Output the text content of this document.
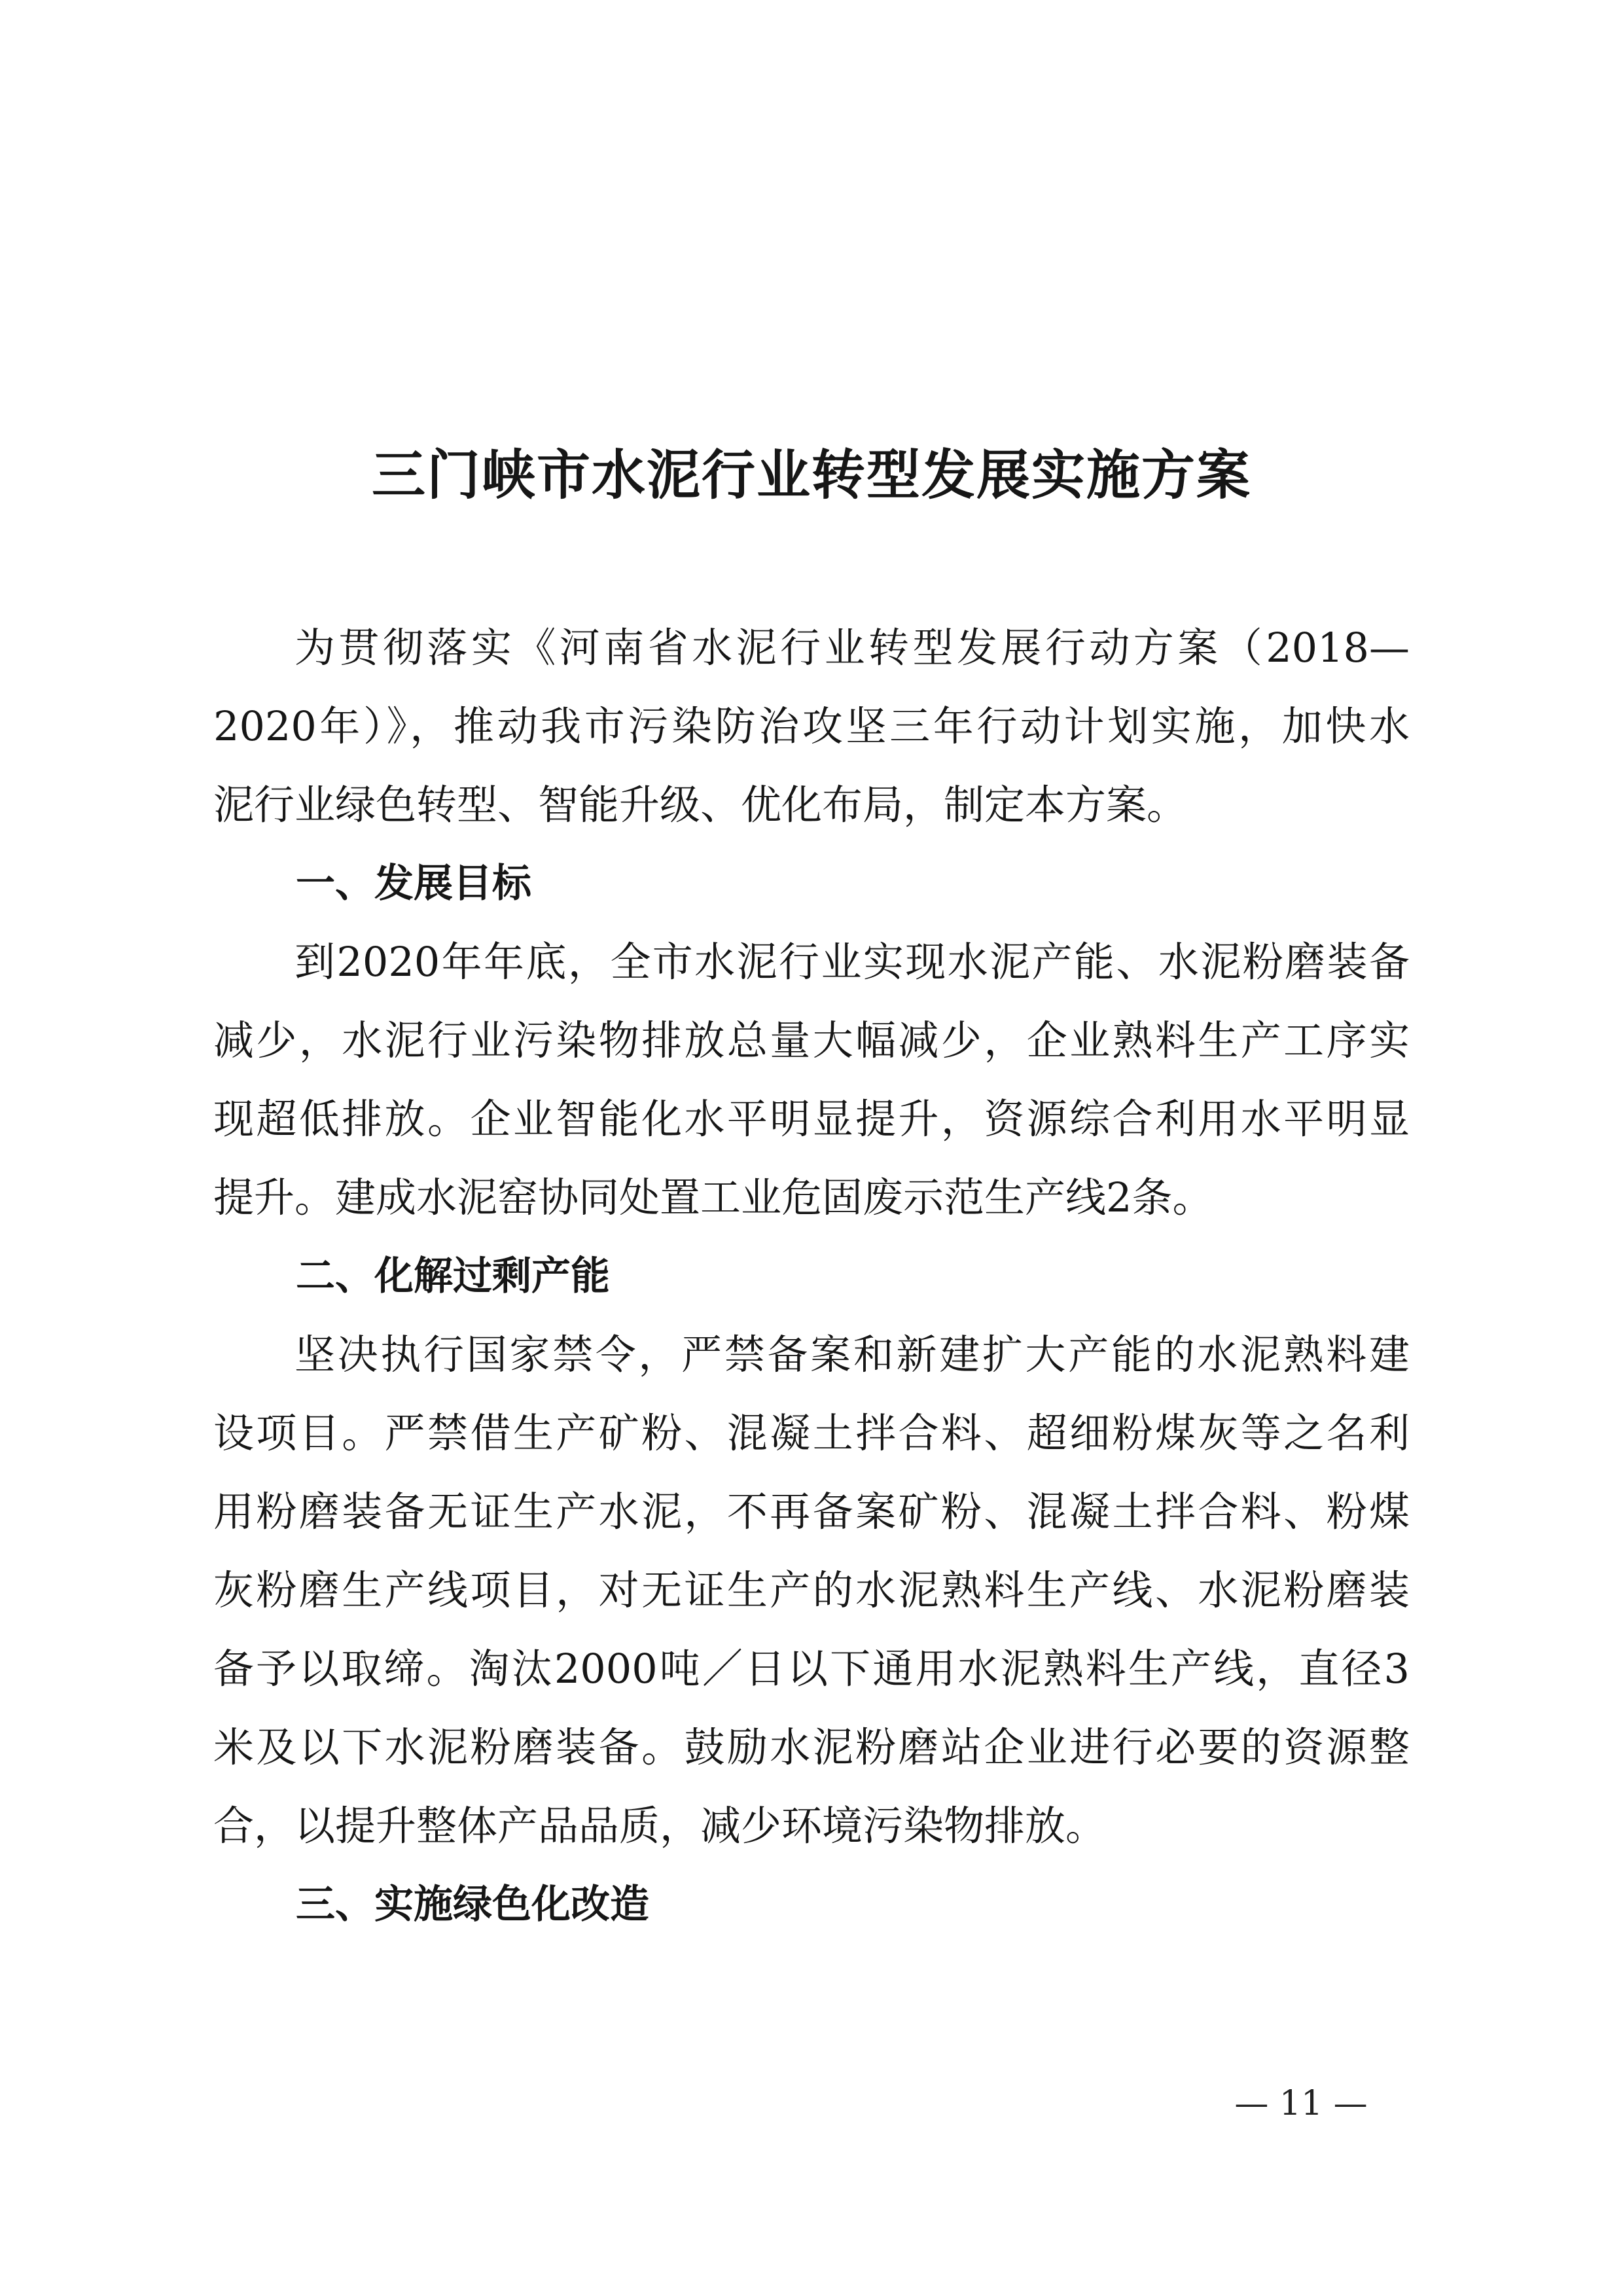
三门峡市水泥行业转型发展实施方案
为贯彻落实《河南省水泥行业转型发展行动方案（2018—
2020年）》，推动我市污染防治攻坚三年行动计划实施，加快水
泥行业绿色转型、智能升级、优化布局，制定本方案。
一、发展目标
到2020年年底，全市水泥行业实现水泥产能、水泥粉磨装备
减少，水泥行业污染物排放总量大幅减少，企业熟料生产工序实
现超低排放。企业智能化水平明显提升，资源综合利用水平明显
提升。建成水泥窑协同处置工业危固废示范生产线2条。
二、化解过剩产能
坚决执行国家禁令，严禁备案和新建扩大产能的水泥熟料建
设项目。严禁借生产矿粉、混凝土拌合料、超细粉煤灰等之名利
用粉磨装备无证生产水泥，不再备案矿粉、混凝土拌合料、粉煤
灰粉磨生产线项目，对无证生产的水泥熟料生产线、水泥粉磨装
备予以取缔。淘汰2000吨／日以下通用水泥熟料生产线，直径3
米及以下水泥粉磨装备。鼓励水泥粉磨站企业进行必要的资源整
合，以提升整体产品品质，减少环境污染物排放。
三、实施绿色化改造
— 11 —
